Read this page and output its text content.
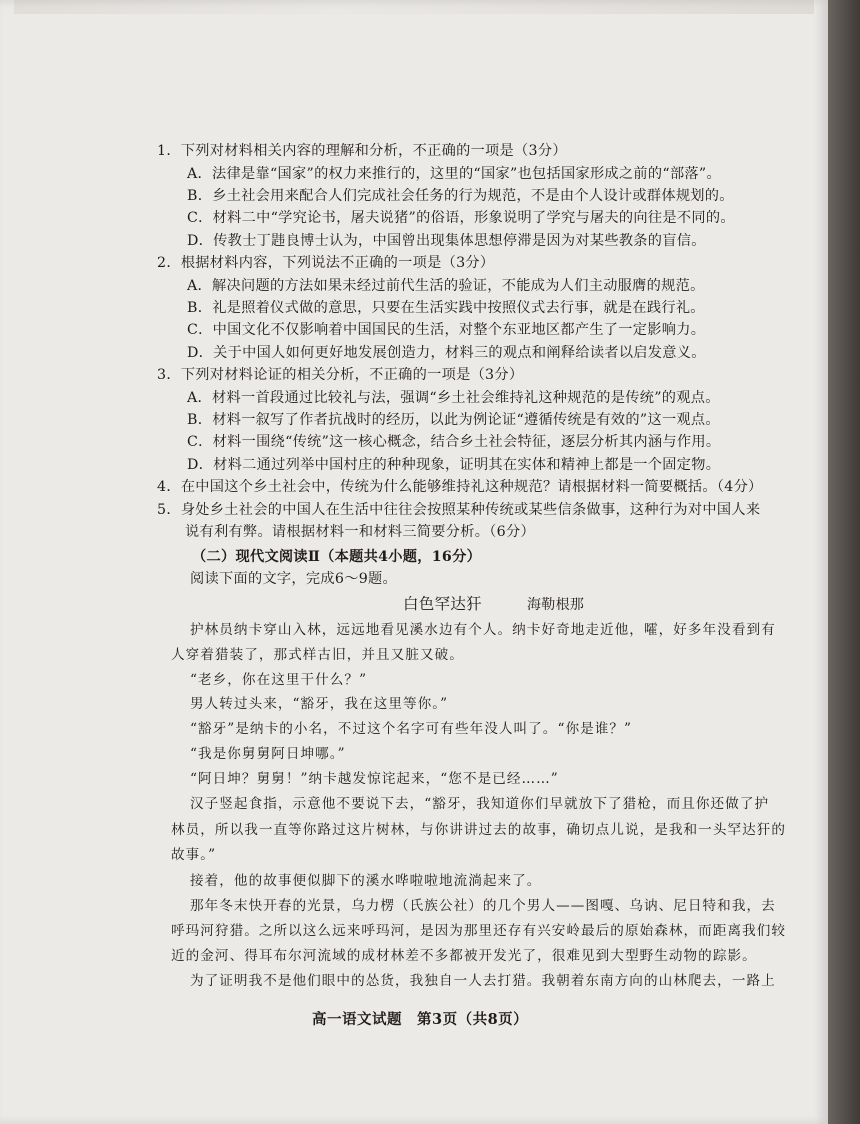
1．下列对材料相关内容的理解和分析，不正确的一项是（3分）
A．法律是靠“国家”的权力来推行的，这里的“国家”也包括国家形成之前的“部落”。
B．乡土社会用来配合人们完成社会任务的行为规范，不是由个人设计或群体规划的。
C．材料二中“学究论书，屠夫说猪”的俗语，形象说明了学究与屠夫的向往是不同的。
D．传教士丁韪良博士认为，中国曾出现集体思想停滞是因为对某些教条的盲信。
2．根据材料内容，下列说法不正确的一项是（3分）
A．解决问题的方法如果未经过前代生活的验证，不能成为人们主动服膺的规范。
B．礼是照着仪式做的意思，只要在生活实践中按照仪式去行事，就是在践行礼。
C．中国文化不仅影响着中国国民的生活，对整个东亚地区都产生了一定影响力。
D．关于中国人如何更好地发展创造力，材料三的观点和阐释给读者以启发意义。
3．下列对材料论证的相关分析，不正确的一项是（3分）
A．材料一首段通过比较礼与法，强调“乡土社会维持礼这种规范的是传统”的观点。
B．材料一叙写了作者抗战时的经历，以此为例论证“遵循传统是有效的”这一观点。
C．材料一围绕“传统”这一核心概念，结合乡土社会特征，逐层分析其内涵与作用。
D．材料二通过列举中国村庄的种种现象，证明其在实体和精神上都是一个固定物。
4．在中国这个乡土社会中，传统为什么能够维持礼这种规范？请根据材料一简要概括。（4分）
5．身处乡土社会的中国人在生活中往往会按照某种传统或某些信条做事，这种行为对中国人来
说有利有弊。请根据材料一和材料三简要分析。（6分）
（二）现代文阅读Ⅱ（本题共4小题，16分）
阅读下面的文字，完成6～9题。
白色罕达犴	海勒根那
护林员纳卡穿山入林，远远地看见溪水边有个人。纳卡好奇地走近他，嚯，好多年没看到有
人穿着猎装了，那式样古旧，并且又脏又破。
“老乡，你在这里干什么？”
男人转过头来，“豁牙，我在这里等你。”
“豁牙”是纳卡的小名，不过这个名字可有些年没人叫了。“你是谁？”
“我是你舅舅阿日坤哪。”
“阿日坤？舅舅！”纳卡越发惊诧起来，“您不是已经……”
汉子竖起食指，示意他不要说下去，“豁牙，我知道你们早就放下了猎枪，而且你还做了护
林员，所以我一直等你路过这片树林，与你讲讲过去的故事，确切点儿说，是我和一头罕达犴的
故事。”
接着，他的故事便似脚下的溪水哗啦啦地流淌起来了。
那年冬末快开春的光景，乌力楞（氏族公社）的几个男人——图嘎、乌讷、尼日特和我，去
呼玛河狩猎。之所以这么远来呼玛河，是因为那里还存有兴安岭最后的原始森林，而距离我们较
近的金河、得耳布尔河流域的成材林差不多都被开发光了，很难见到大型野生动物的踪影。
为了证明我不是他们眼中的怂货，我独自一人去打猎。我朝着东南方向的山林爬去，一路上
高一语文试题　第3页（共8页）
